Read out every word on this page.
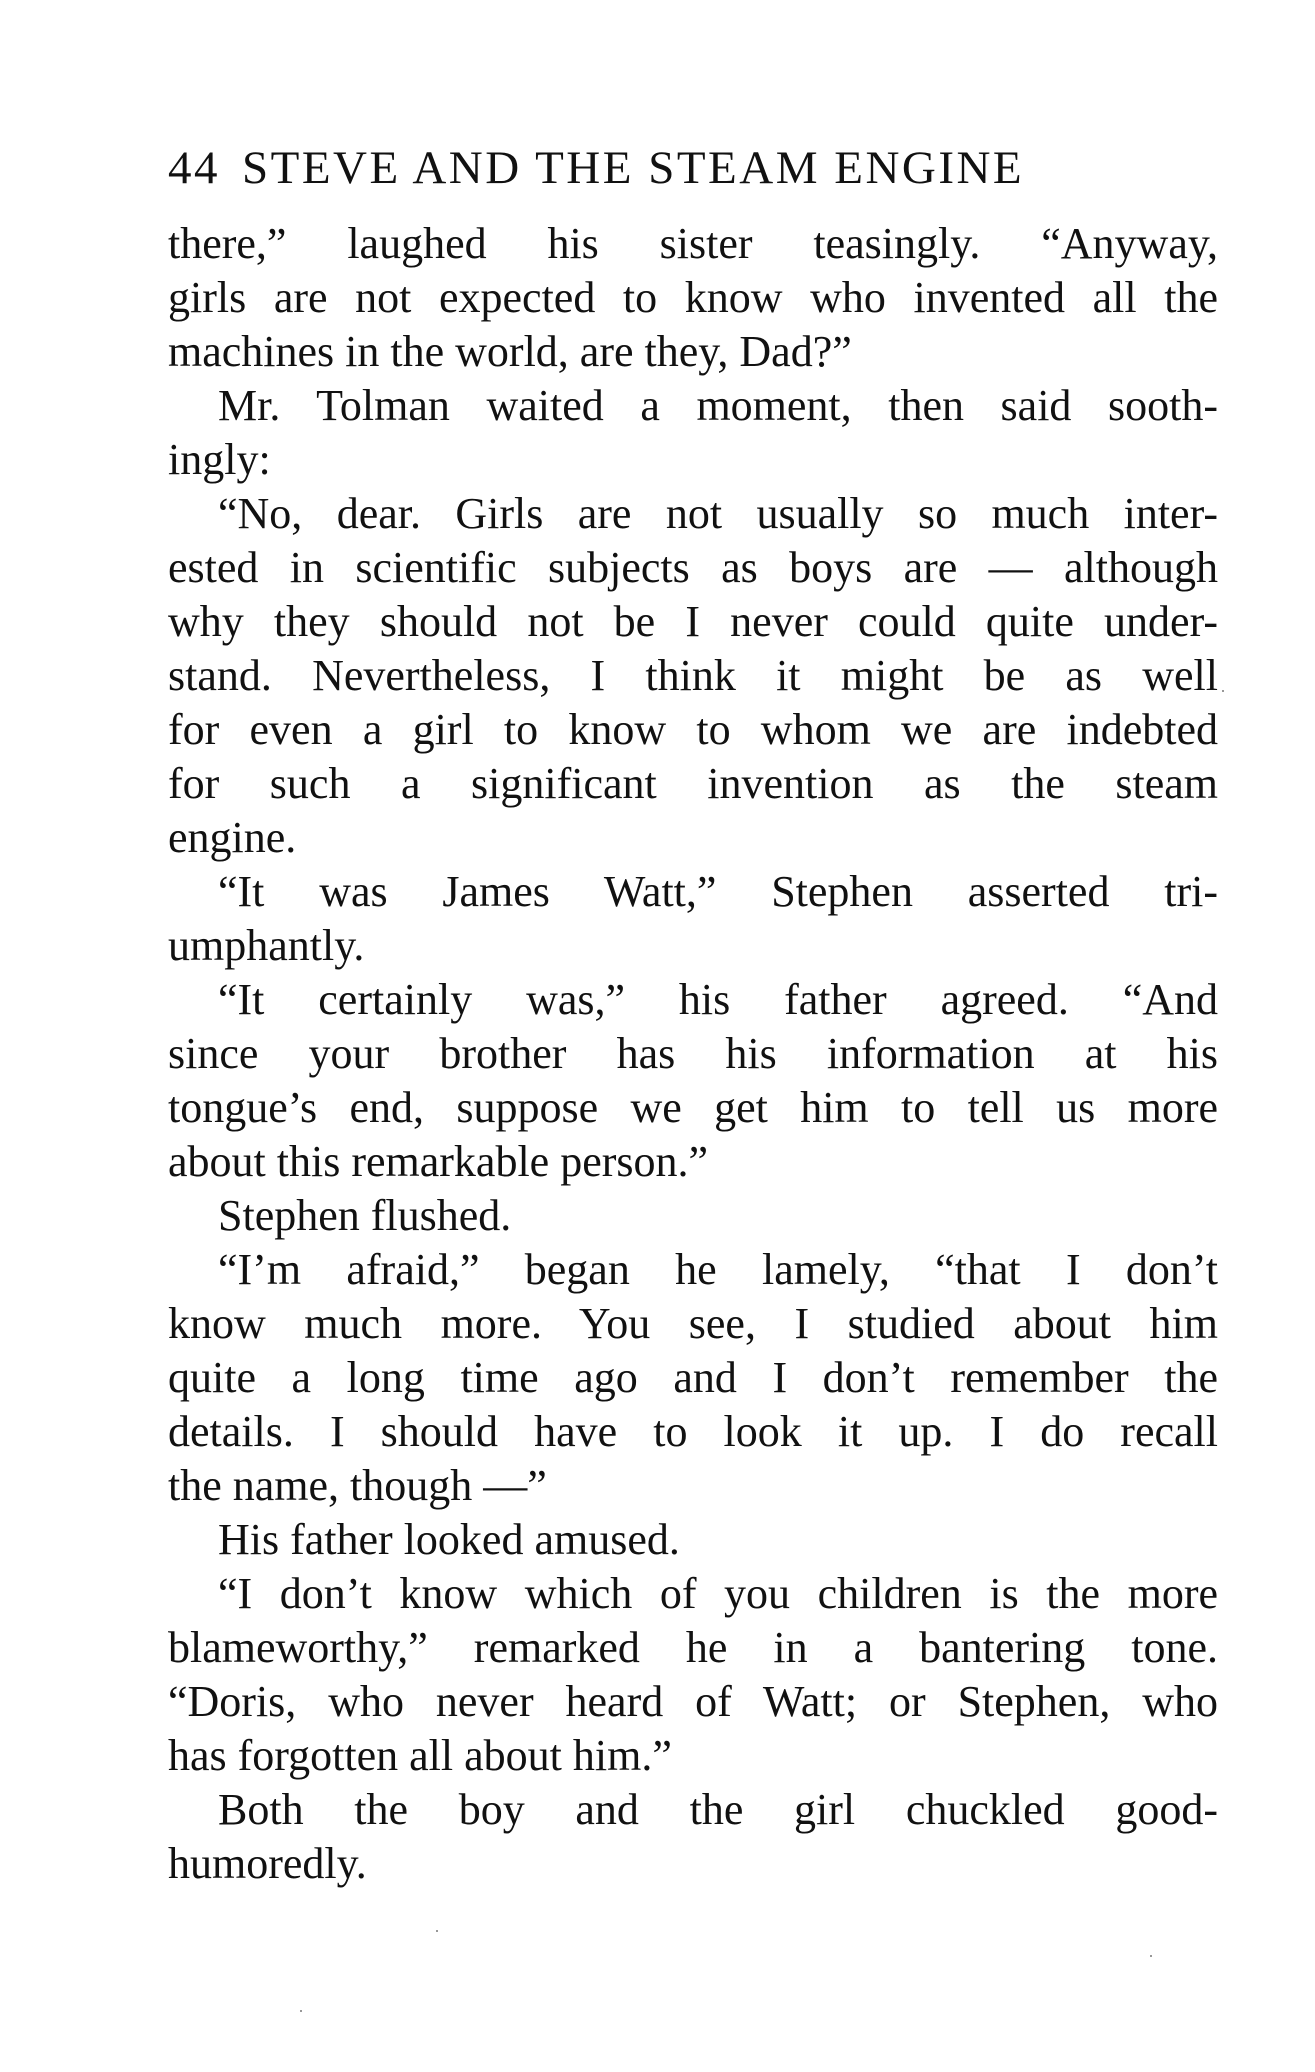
44 STEVE AND THE STEAM ENGINE
there,” laughed his sister teasingly. “Anyway,
girls are not expected to know who invented all the
machines in the world, are they, Dad?”
Mr. Tolman waited a moment, then said sooth-
ingly:
“No, dear. Girls are not usually so much inter-
ested in scientific subjects as boys are — although
why they should not be I never could quite under-
stand. Nevertheless, I think it might be as well
for even a girl to know to whom we are indebted
for such a significant invention as the steam
engine.
“It was James Watt,” Stephen asserted tri-
umphantly.
“It certainly was,” his father agreed. “And
since your brother has his information at his
tongue’s end, suppose we get him to tell us more
about this remarkable person.”
Stephen flushed.
“I’m afraid,” began he lamely, “that I don’t
know much more. You see, I studied about him
quite a long time ago and I don’t remember the
details. I should have to look it up. I do recall
the name, though —”
His father looked amused.
“I don’t know which of you children is the more
blameworthy,” remarked he in a bantering tone.
“Doris, who never heard of Watt; or Stephen, who
has forgotten all about him.”
Both the boy and the girl chuckled good-
humoredly.
